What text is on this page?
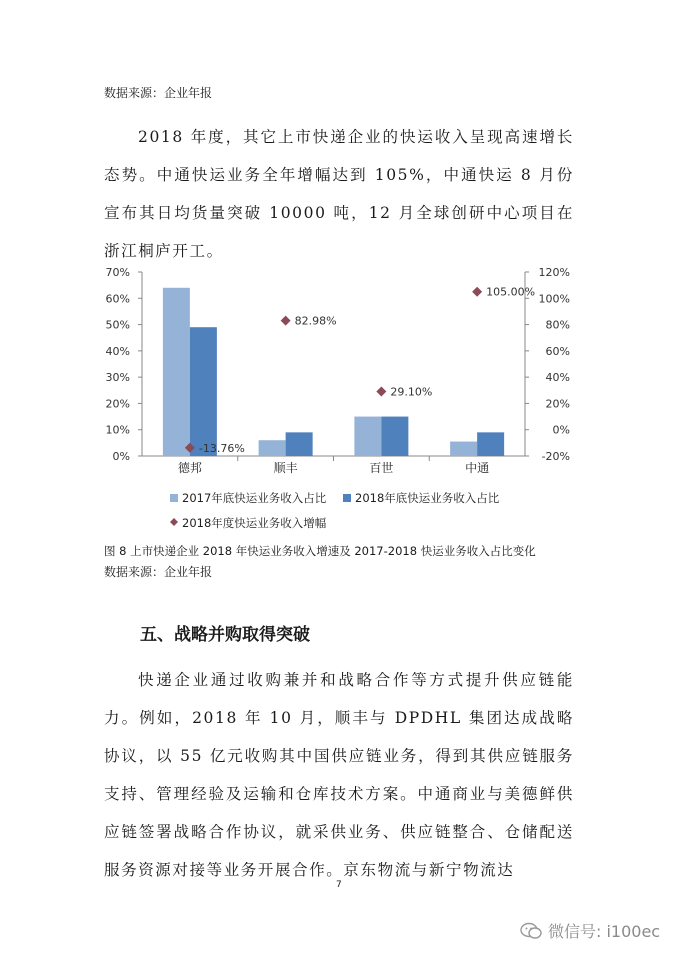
数据来源：企业年报

2018 年度，其它上市快递企业的快运收入呈现高速增长态势。中通快运业务全年增幅达到 105%，中通快运 8 月份宣布其日均货量突破 10000 吨，12 月全球创研中心项目在浙江桐庐开工。

0%
10%
20%
30%
40%
50%
60%
70%
-20%
0%
20%
40%
60%
80%
100%
120%
德邦	顺丰	百世	中通
-13.76%
82.98%
29.10%
105.00%
2017年底快运业务收入占比 2018年底快运业务收入占比
2018年度快运业务收入增幅
图 8 上市快递企业 2018 年快运业务收入增速及 2017-2018 快运业务收入占比变化
数据来源：企业年报
五、战略并购取得突破

快递企业通过收购兼并和战略合作等方式提升供应链能力。例如，2018 年 10 月，顺丰与 DPDHL 集团达成战略协议，以 55 亿元收购其中国供应链业务，得到其供应链服务支持、管理经验及运输和仓库技术方案。中通商业与美德鲜供应链签署战略合作协议，就采供业务、供应链整合、仓储配送服务资源对接等业务开展合作。京东物流与新宁物流达

7
微信号: i100ec
